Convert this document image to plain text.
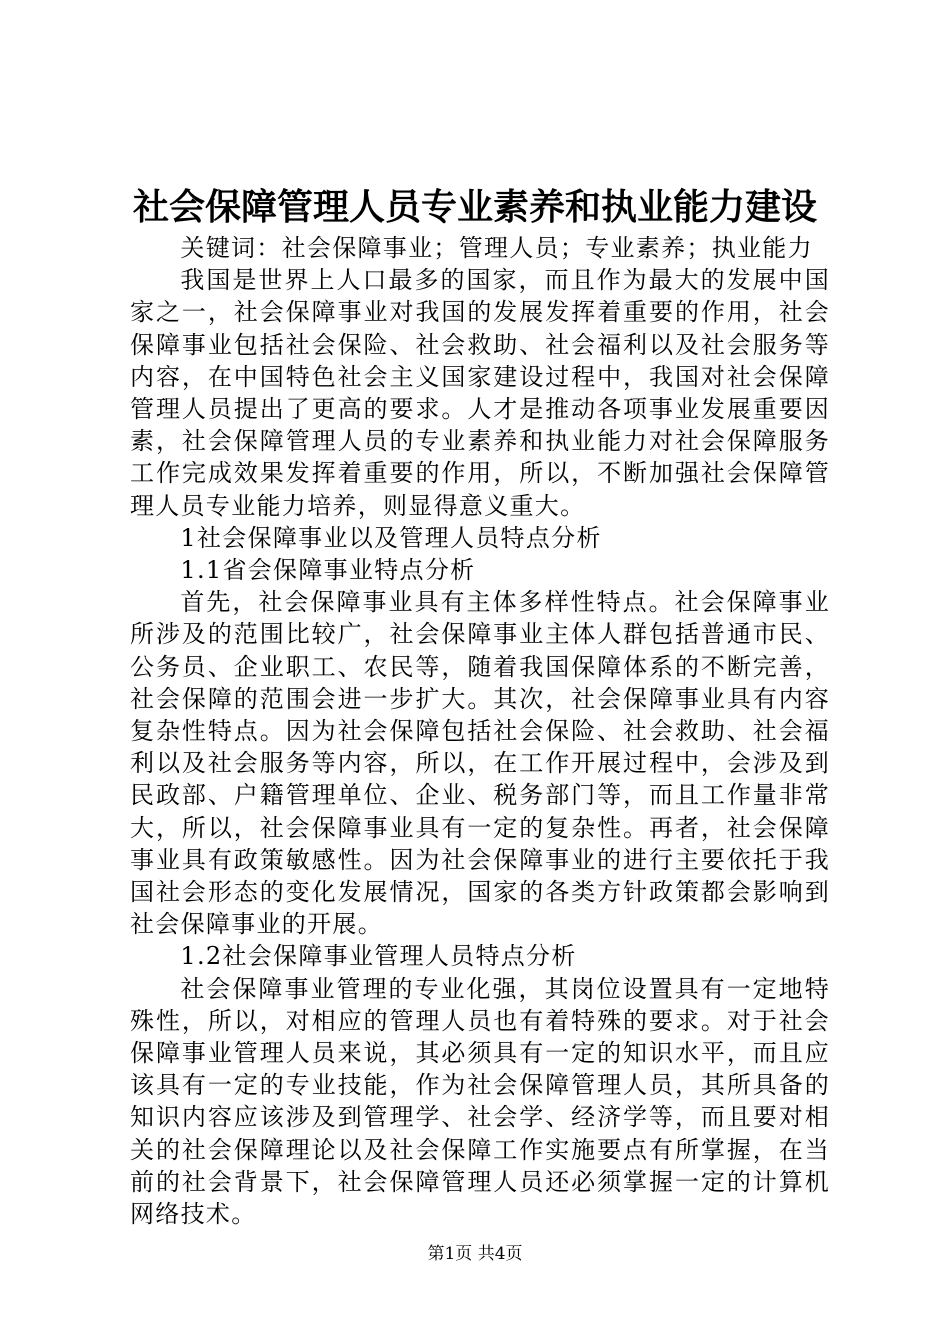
社会保障管理人员专业素养和执业能力建设

关键词：社会保障事业；管理人员；专业素养；执业能力

我国是世界上人口最多的国家，而且作为最大的发展中国家之一，社会保障事业对我国的发展发挥着重要的作用，社会保障事业包括社会保险、社会救助、社会福利以及社会服务等内容，在中国特色社会主义国家建设过程中，我国对社会保障管理人员提出了更高的要求。人才是推动各项事业发展重要因素，社会保障管理人员的专业素养和执业能力对社会保障服务工作完成效果发挥着重要的作用，所以，不断加强社会保障管理人员专业能力培养，则显得意义重大。

1社会保障事业以及管理人员特点分析

1.1省会保障事业特点分析

首先，社会保障事业具有主体多样性特点。社会保障事业所涉及的范围比较广，社会保障事业主体人群包括普通市民、公务员、企业职工、农民等，随着我国保障体系的不断完善，社会保障的范围会进一步扩大。其次，社会保障事业具有内容复杂性特点。因为社会保障包括社会保险、社会救助、社会福利以及社会服务等内容，所以，在工作开展过程中，会涉及到民政部、户籍管理单位、企业、税务部门等，而且工作量非常大，所以，社会保障事业具有一定的复杂性。再者，社会保障事业具有政策敏感性。因为社会保障事业的进行主要依托于我国社会形态的变化发展情况，国家的各类方针政策都会影响到社会保障事业的开展。

1.2社会保障事业管理人员特点分析

社会保障事业管理的专业化强，其岗位设置具有一定地特殊性，所以，对相应的管理人员也有着特殊的要求。对于社会保障事业管理人员来说，其必须具有一定的知识水平，而且应该具有一定的专业技能，作为社会保障管理人员，其所具备的知识内容应该涉及到管理学、社会学、经济学等，而且要对相关的社会保障理论以及社会保障工作实施要点有所掌握，在当前的社会背景下，社会保障管理人员还必须掌握一定的计算机网络技术。

第1页 共4页
